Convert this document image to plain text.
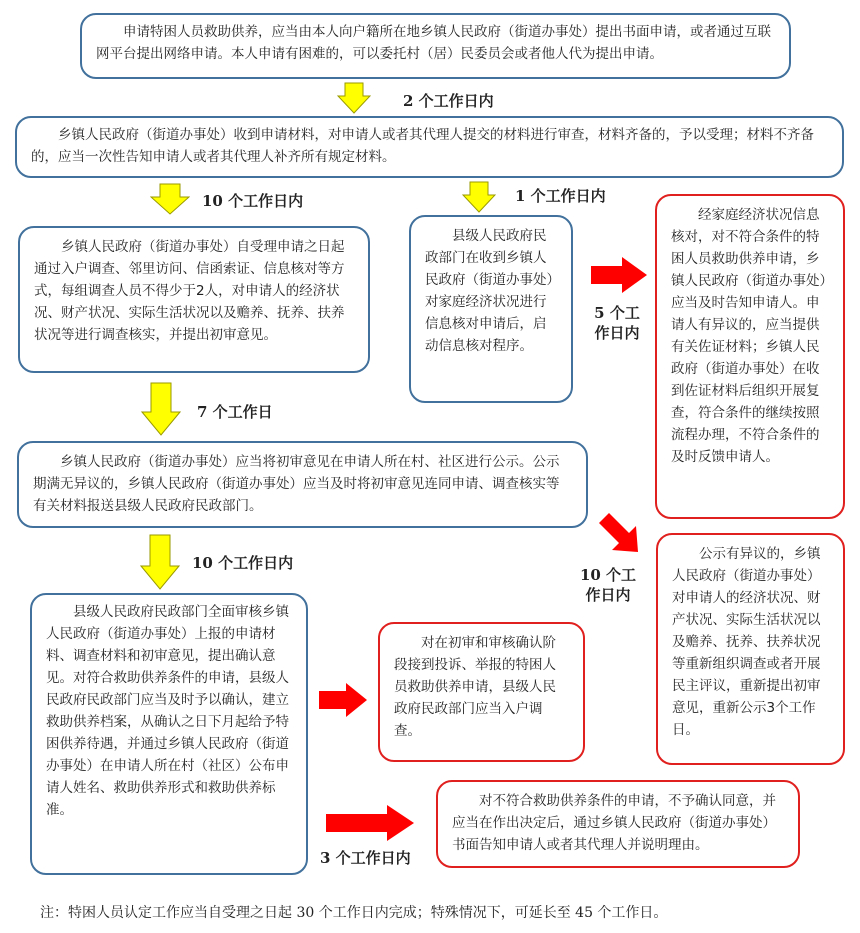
申请特困人员救助供养，应当由本人向户籍所在地乡镇人民政府（街道办事处）提出书面申请，或者通过互联网平台提出网络申请。本人申请有困难的，可以委托村（居）民委员会或者他人代为提出申请。
2 个工作日内
乡镇人民政府（街道办事处）收到申请材料，对申请人或者其代理人提交的材料进行审查，材料齐备的，予以受理；材料不齐备的，应当一次性告知申请人或者其代理人补齐所有规定材料。
10 个工作日内	1 个工作日内
乡镇人民政府（街道办事处）自受理申请之日起通过入户调查、邻里访问、信函索证、信息核对等方式，每组调查人员不得少于2人，对申请人的经济状况、财产状况、实际生活状况以及赡养、抚养、扶养状况等进行调查核实，并提出初审意见。
县级人民政府民政部门在收到乡镇人民政府（街道办事处）对家庭经济状况进行信息核对申请后，启动信息核对程序。
5 个工作日内
经家庭经济状况信息核对，对不符合条件的特困人员救助供养申请，乡镇人民政府（街道办事处）应当及时告知申请人。申请人有异议的，应当提供有关佐证材料；乡镇人民政府（街道办事处）在收到佐证材料后组织开展复查，符合条件的继续按照流程办理，不符合条件的及时反馈申请人。
7 个工作日
乡镇人民政府（街道办事处）应当将初审意见在申请人所在村、社区进行公示。公示期满无异议的，乡镇人民政府（街道办事处）应当及时将初审意见连同申请、调查核实等有关材料报送县级人民政府民政部门。
10 个工作日内
10 个工作日内	公示有异议的，乡镇人民政府（街道办事处）对申请人的经济状况、财产状况、实际生活状况以及赡养、抚养、扶养状况等重新组织调查或者开展民主评议，重新提出初审意见，重新公示3个工作日。
县级人民政府民政部门全面审核乡镇人民政府（街道办事处）上报的申请材料、调查材料和初审意见，提出确认意见。对符合救助供养条件的申请，县级人民政府民政部门应当及时予以确认，建立救助供养档案，从确认之日下月起给予特困供养待遇，并通过乡镇人民政府（街道办事处）在申请人所在村（社区）公布申请人姓名、救助供养形式和救助供养标准。
对在初审和审核确认阶段接到投诉、举报的特困人员救助供养申请，县级人民政府民政部门应当入户调查。
3 个工作日内
对不符合救助供养条件的申请，不予确认同意，并应当在作出决定后，通过乡镇人民政府（街道办事处）书面告知申请人或者其代理人并说明理由。
注：特困人员认定工作应当自受理之日起 30 个工作日内完成；特殊情况下，可延长至 45 个工作日。
